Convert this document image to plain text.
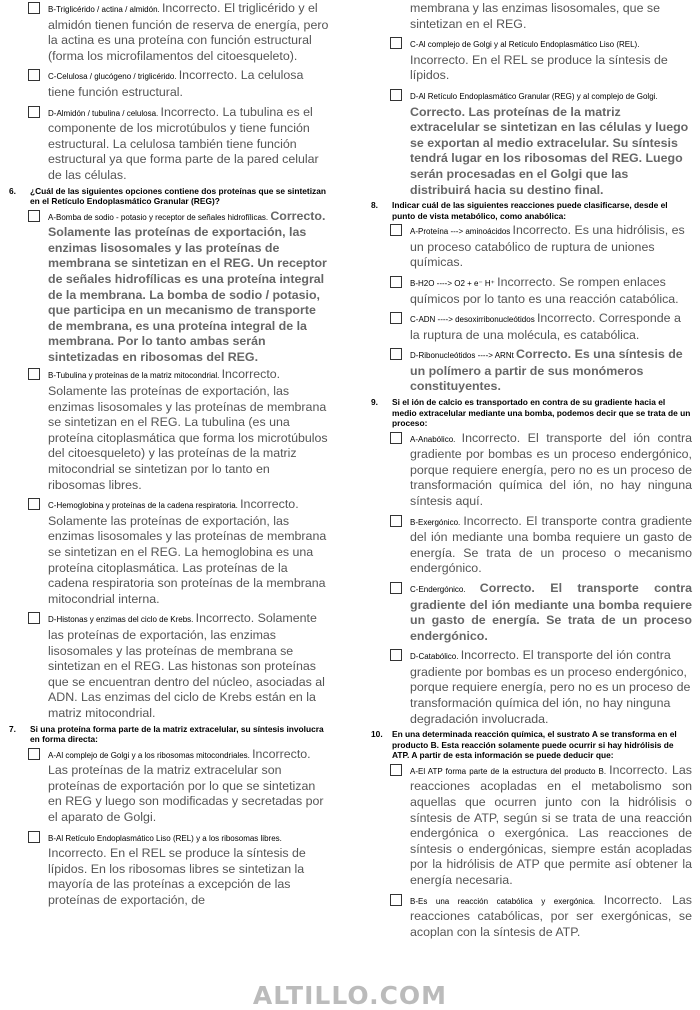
B-Triglicérido / actina / almidón. Incorrecto. El triglicérido y el almidón tienen función de reserva de energía, pero la actina es una proteína con función estructural (forma los microfilamentos del citoesqueleto).
C-Celulosa / glucógeno / triglicérido. Incorrecto. La celulosa tiene función estructural.
D-Almidón / tubulina / celulosa. Incorrecto. La tubulina es el componente de los microtúbulos y tiene función estructural. La celulosa también tiene función estructural ya que forma parte de la pared celular de las células.
6. ¿Cuál de las siguientes opciones contiene dos proteínas que se sintetizan en el Retículo Endoplasmático Granular (REG)?
A-Bomba de sodio - potasio y receptor de señales hidrofílicas. Correcto. Solamente las proteínas de exportación, las enzimas lisosomales y las proteínas de membrana se sintetizan en el REG. Un receptor de señales hidrofílicas es una proteína integral de la membrana. La bomba de sodio / potasio, que participa en un mecanismo de transporte de membrana, es una proteína integral de la membrana. Por lo tanto ambas serán sintetizadas en ribosomas del REG.
B-Tubulina y proteínas de la matriz mitocondrial. Incorrecto. Solamente las proteínas de exportación, las enzimas lisosomales y las proteínas de membrana se sintetizan en el REG. La tubulina (es una proteína citoplasmática que forma los microtúbulos del citoesqueleto) y las proteínas de la matriz mitocondrial se sintetizan por lo tanto en ribosomas libres.
C-Hemoglobina y proteínas de la cadena respiratoria. Incorrecto. Solamente las proteínas de exportación, las enzimas lisosomales y las proteínas de membrana se sintetizan en el REG. La hemoglobina es una proteína citoplasmática. Las proteínas de la cadena respiratoria son proteínas de la membrana mitocondrial interna.
D-Histonas y enzimas del ciclo de Krebs. Incorrecto. Solamente las proteínas de exportación, las enzimas lisosomales y las proteínas de membrana se sintetizan en el REG. Las histonas son proteínas que se encuentran dentro del núcleo, asociadas al ADN. Las enzimas del ciclo de Krebs están en la matriz mitocondrial.
7. Si una proteína forma parte de la matriz extracelular, su síntesis involucra en forma directa:
A-Al complejo de Golgi y a los ribosomas mitocondriales. Incorrecto. Las proteínas de la matriz extracelular son proteínas de exportación por lo que se sintetizan en REG y luego son modificadas y secretadas por el aparato de Golgi.
B-Al Retículo Endoplasmático Liso (REL) y a los ribosomas libres. Incorrecto. En el REL se produce la síntesis de lípidos. En los ribosomas libres se sintetizan la mayoría de las proteínas a excepción de las proteínas de exportación, de
membrana y las enzimas lisosomales, que se sintetizan en el REG.
C-Al complejo de Golgi y al Retículo Endoplasmático Liso (REL). Incorrecto. En el REL se produce la síntesis de lípidos.
D-Al Retículo Endoplasmático Granular (REG) y al complejo de Golgi. Correcto. Las proteínas de la matriz extracelular se sintetizan en las células y luego se exportan al medio extracelular. Su síntesis tendrá lugar en los ribosomas del REG. Luego serán procesadas en el Golgi que las distribuirá hacia su destino final.
8. Indicar cuál de las siguientes reacciones puede clasificarse, desde el punto de vista metabólico, como anabólica:
A-Proteína ---> aminoácidos Incorrecto. Es una hidrólisis, es un proceso catabólico de ruptura de uniones químicas.
B-H2O ----> O2 + e⁻ H⁺ Incorrecto. Se rompen enlaces químicos por lo tanto es una reacción catabólica.
C-ADN ----> desoxirribonucleótidos Incorrecto. Corresponde a la ruptura de una molécula, es catabólica.
D-Ribonucleótidos ----> ARNt Correcto. Es una síntesis de un polímero a partir de sus monómeros constituyentes.
9. Si el ión de calcio es transportado en contra de su gradiente hacia el medio extracelular mediante una bomba, podemos decir que se trata de un proceso:
A-Anabólico. Incorrecto. El transporte del ión contra gradiente por bombas es un proceso endergónico, porque requiere energía, pero no es un proceso de transformación química del ión, no hay ninguna síntesis aquí.
B-Exergónico. Incorrecto. El transporte contra gradiente del ión mediante una bomba requiere un gasto de energía. Se trata de un proceso o mecanismo endergónico.
C-Endergónico. Correcto. El transporte contra gradiente del ión mediante una bomba requiere un gasto de energía. Se trata de un proceso endergónico.
D-Catabólico. Incorrecto. El transporte del ión contra gradiente por bombas es un proceso endergónico, porque requiere energía, pero no es un proceso de transformación química del ión, no hay ninguna degradación involucrada.
10. En una determinada reacción química, el sustrato A se transforma en el producto B. Esta reacción solamente puede ocurrir si hay hidrólisis de ATP. A partir de esta información se puede deducir que:
A-El ATP forma parte de la estructura del producto B. Incorrecto. Las reacciones acopladas en el metabolismo son aquellas que ocurren junto con la hidrólisis o síntesis de ATP, según si se trata de una reacción endergónica o exergónica. Las reacciones de síntesis o endergónicas, siempre están acopladas por la hidrólisis de ATP que permite así obtener la energía necesaria.
B-Es una reacción catabólica y exergónica. Incorrecto. Las reacciones catabólicas, por ser exergónicas, se acoplan con la síntesis de ATP.
ALTILLO.COM
